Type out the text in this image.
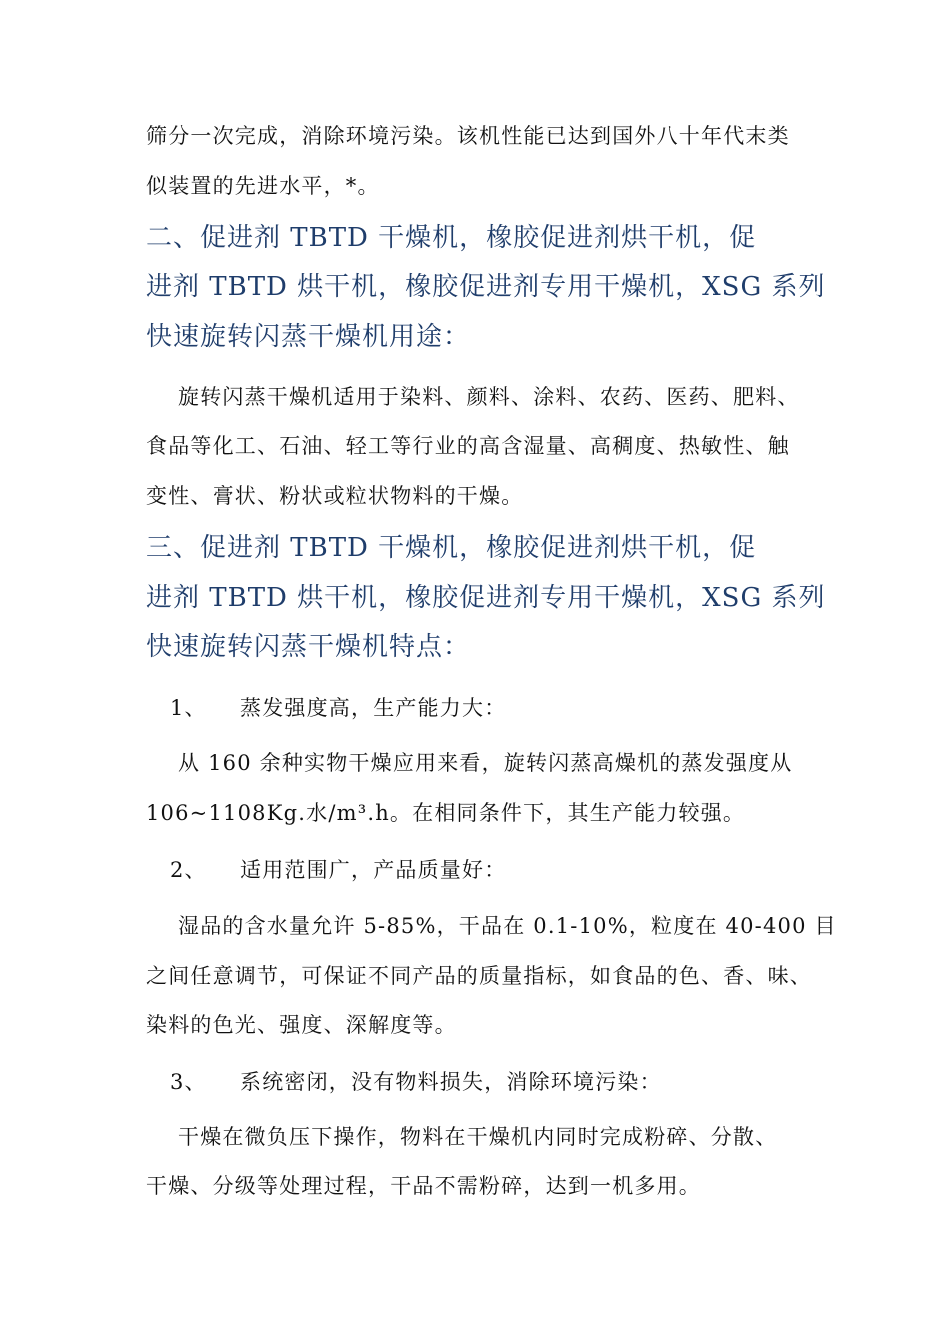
筛分一次完成，消除环境污染。该机性能已达到国外八十年代末类
似装置的先进水平，*。
二、促进剂 TBTD 干燥机，橡胶促进剂烘干机，促
进剂 TBTD 烘干机，橡胶促进剂专用干燥机，XSG 系列
快速旋转闪蒸干燥机用途：
旋转闪蒸干燥机适用于染料、颜料、涂料、农药、医药、肥料、
食品等化工、石油、轻工等行业的高含湿量、高稠度、热敏性、触
变性、膏状、粉状或粒状物料的干燥。
三、促进剂 TBTD 干燥机，橡胶促进剂烘干机，促
进剂 TBTD 烘干机，橡胶促进剂专用干燥机，XSG 系列
快速旋转闪蒸干燥机特点：
1、 蒸发强度高，生产能力大：
从 160 余种实物干燥应用来看，旋转闪蒸高燥机的蒸发强度从
106~1108Kg.水/m³.h。在相同条件下，其生产能力较强。
2、 适用范围广，产品质量好：
湿品的含水量允许 5-85%，干品在 0.1-10%，粒度在 40-400 目
之间任意调节，可保证不同产品的质量指标，如食品的色、香、味、
染料的色光、强度、深解度等。
3、 系统密闭，没有物料损失，消除环境污染：
干燥在微负压下操作，物料在干燥机内同时完成粉碎、分散、
干燥、分级等处理过程，干品不需粉碎，达到一机多用。
